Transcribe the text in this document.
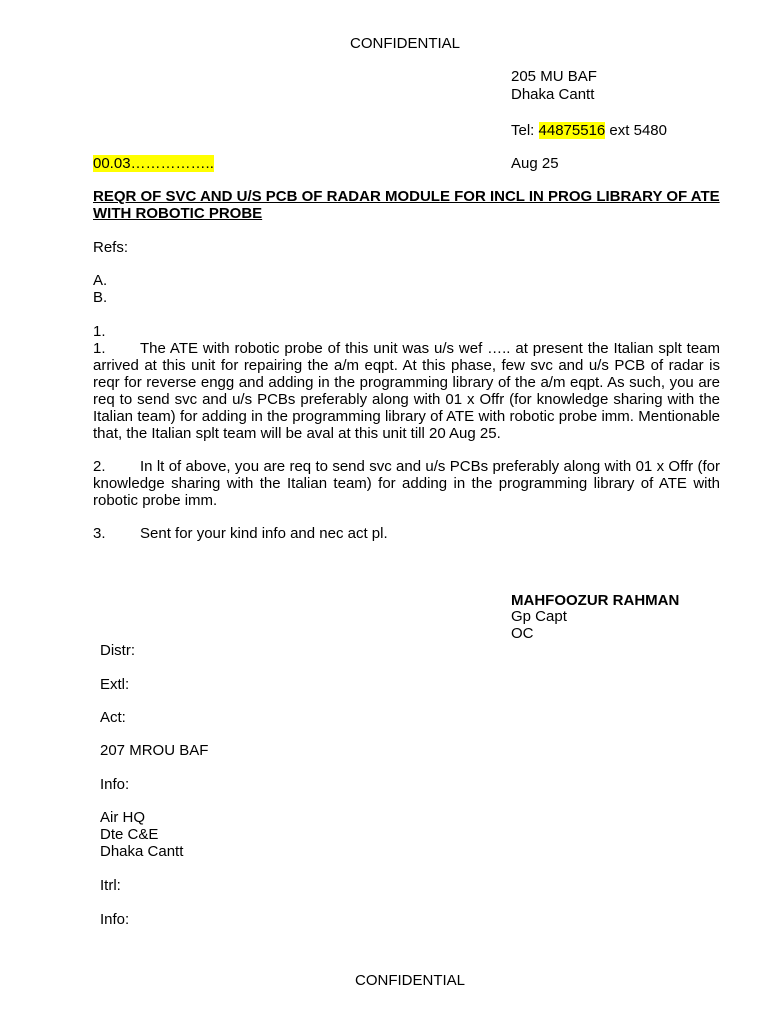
CONFIDENTIAL
205 MU BAF
Dhaka Cantt
Tel: 44875516 ext 5480
00.03……………..	Aug 25
REQR OF SVC AND U/S PCB OF RADAR MODULE FOR INCL IN PROG LIBRARY OF ATE WITH ROBOTIC PROBE
Refs:
A.
B.
1.
1. The ATE with robotic probe of this unit was u/s wef ….. at present the Italian splt team arrived at this unit for repairing the a/m eqpt. At this phase, few svc and u/s PCB of radar is reqr for reverse engg and adding in the programming library of the a/m eqpt. As such, you are req to send svc and u/s PCBs preferably along with 01 x Offr (for knowledge sharing with the Italian team) for adding in the programming library of ATE with robotic probe imm. Mentionable that, the Italian splt team will be aval at this unit till 20 Aug 25.
2. In lt of above, you are req to send svc and u/s PCBs preferably along with 01 x Offr (for knowledge sharing with the Italian team) for adding in the programming library of ATE with robotic probe imm.
3. Sent for your kind info and nec act pl.
MAHFOOZUR RAHMAN
Gp Capt
OC
Distr:
Extl:
Act:
207 MROU BAF
Info:
Air HQ
Dte C&E
Dhaka Cantt
Itrl:
Info:
CONFIDENTIAL
